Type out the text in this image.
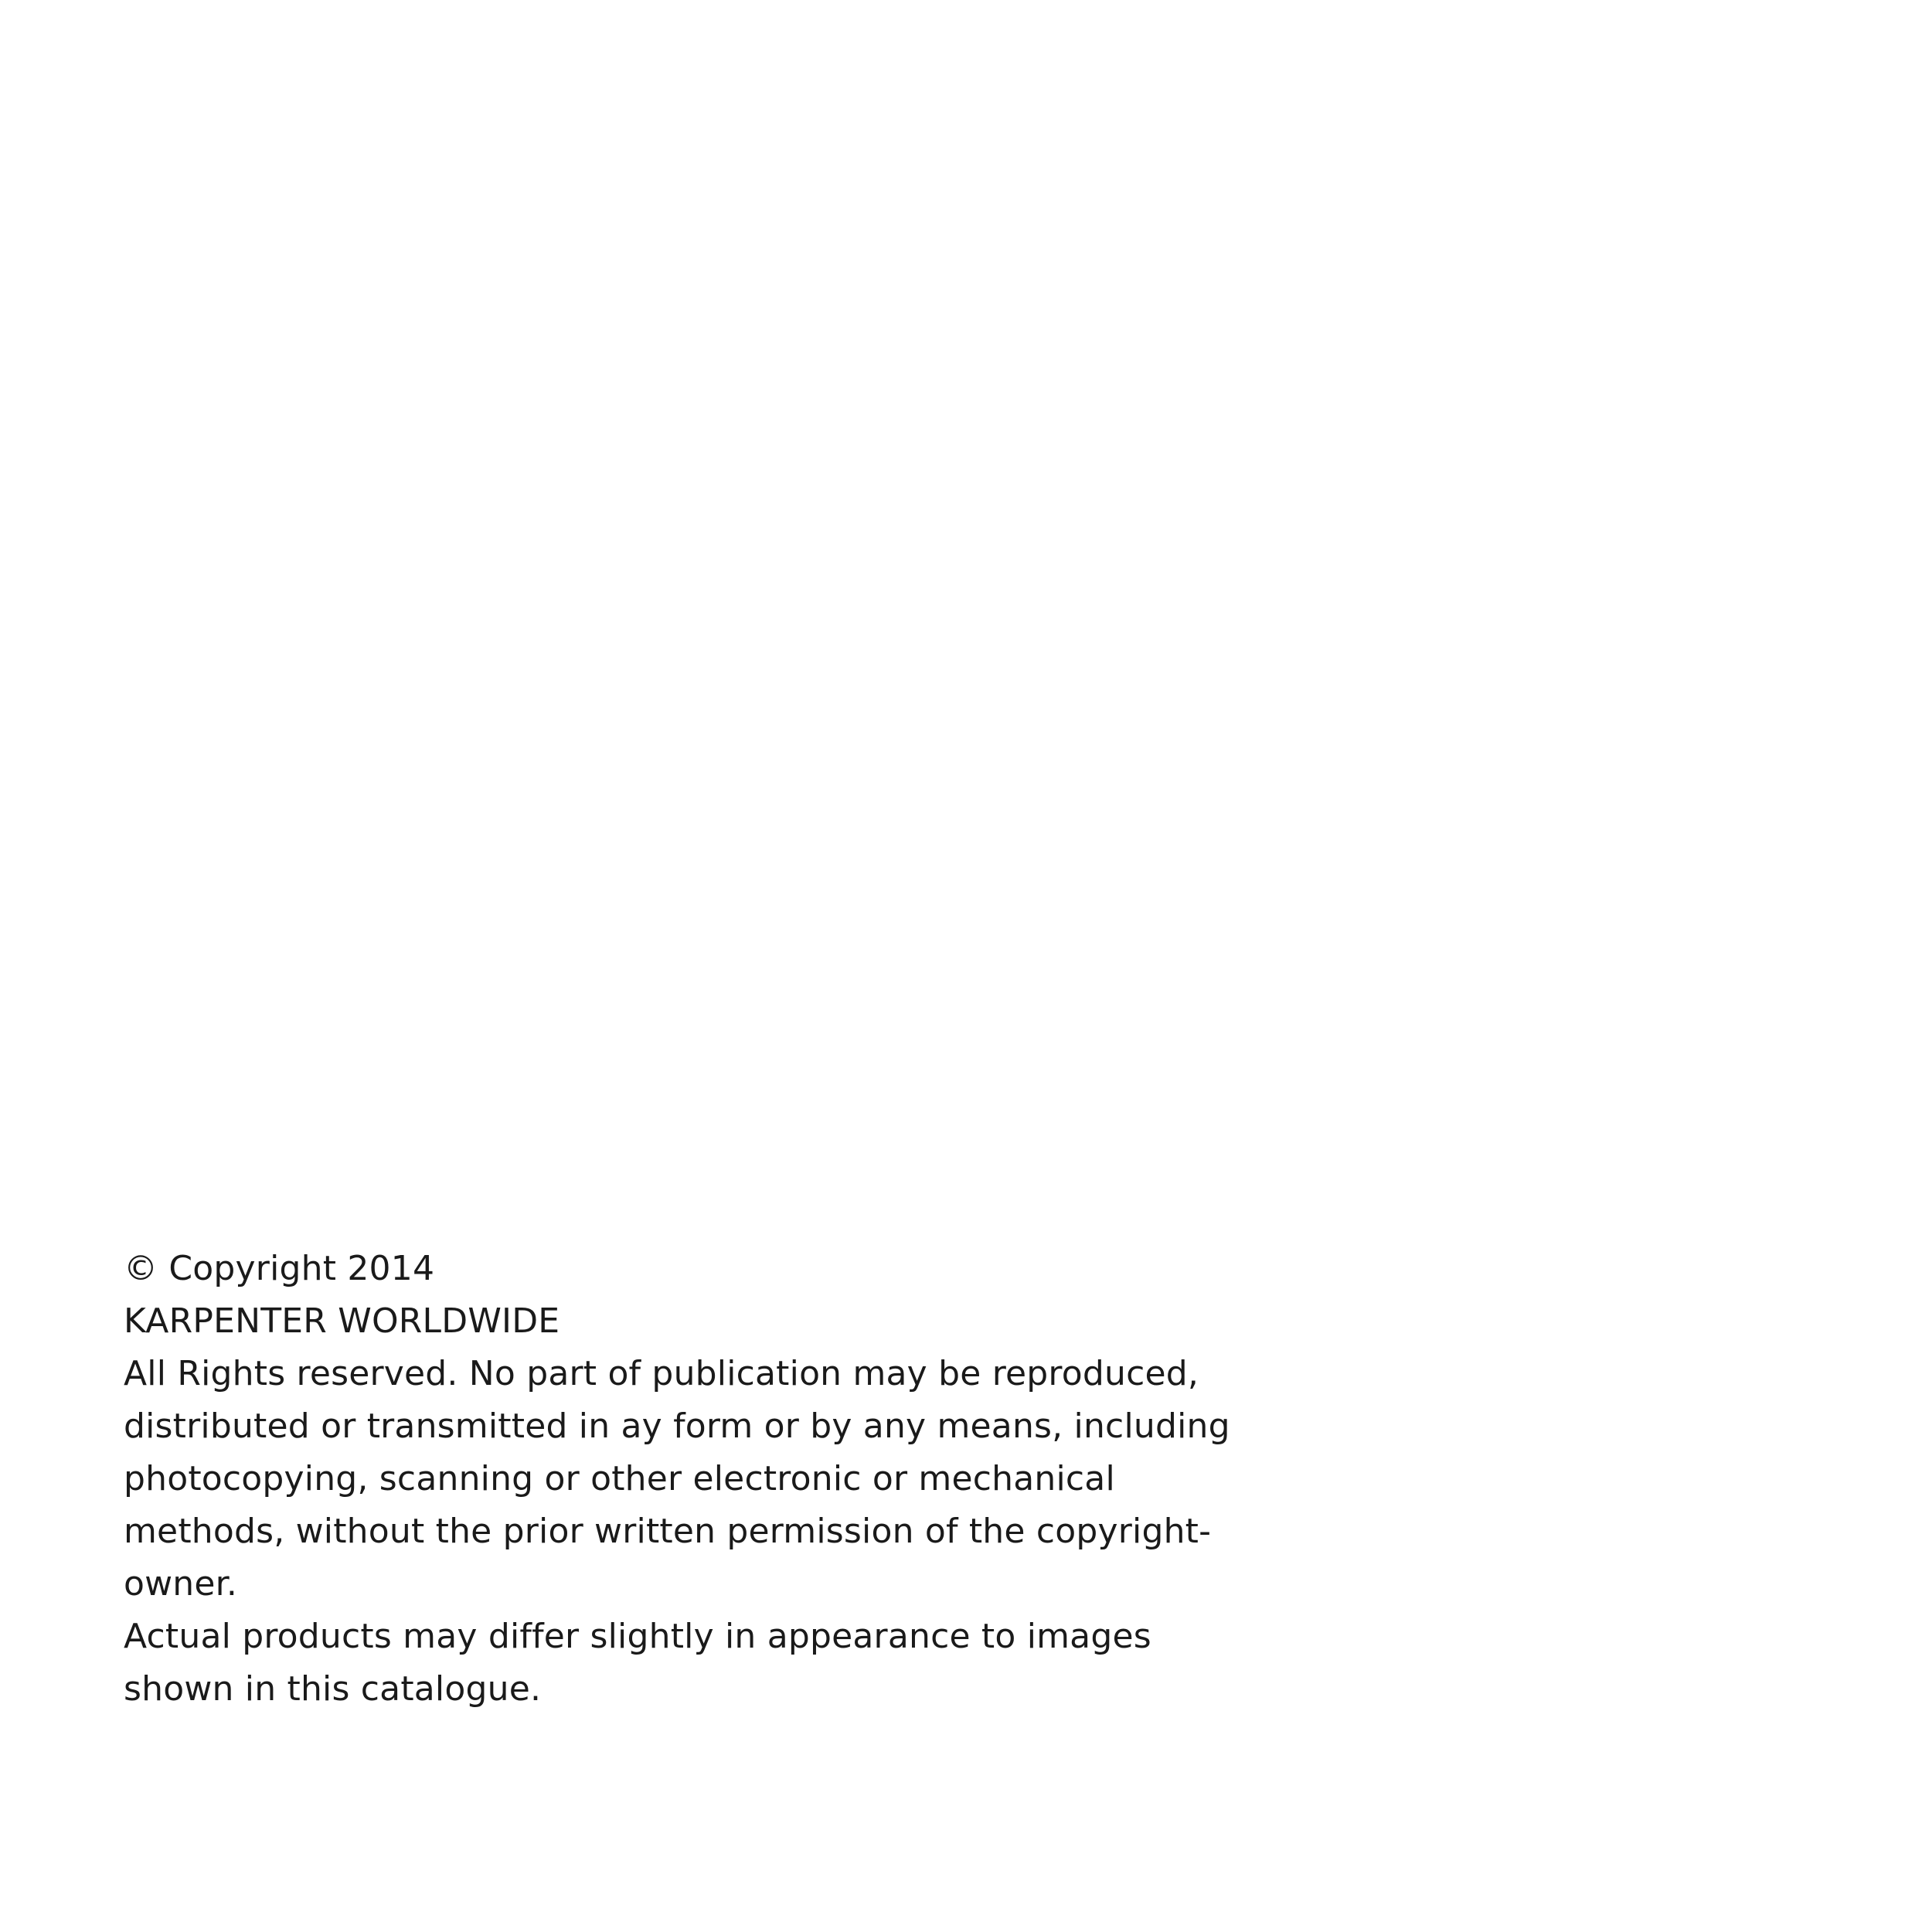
© Copyright 2014
KARPENTER WORLDWIDE

All Rights reserved. No part of publication may be reproduced,
distributed or transmitted in ay form or by any means, including
photocopying, scanning or other electronic or mechanical
methods, without the prior written permission of the copyright-
owner.

Actual products may differ slightly in appearance to images
shown in this catalogue.
